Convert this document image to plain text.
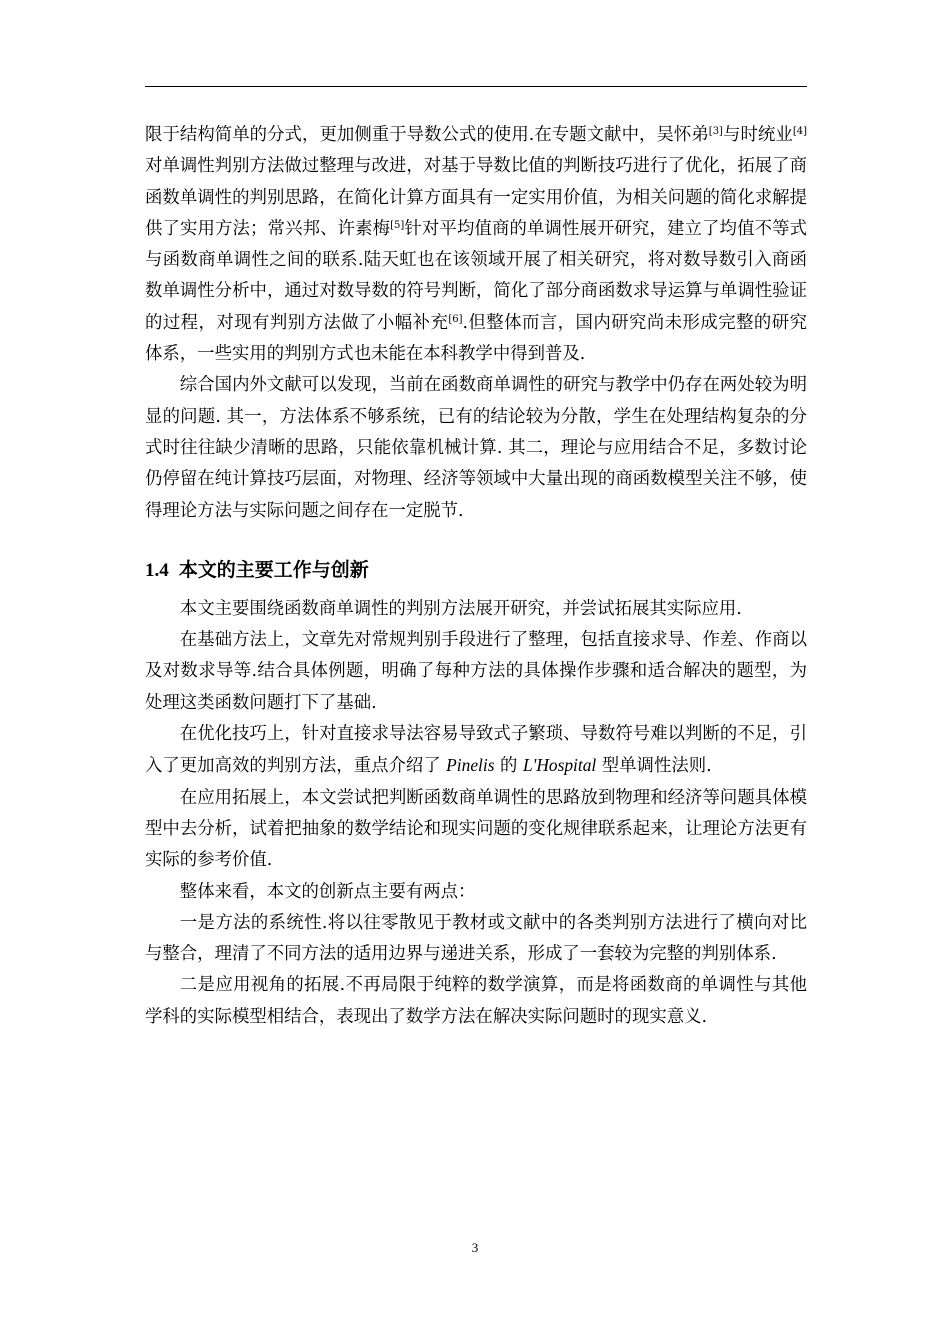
限于结构简单的分式，更加侧重于导数公式的使用.在专题文献中，吴怀弟[3]与时统业[4]对单调性判别方法做过整理与改进，对基于导数比值的判断技巧进行了优化，拓展了商函数单调性的判别思路，在简化计算方面具有一定实用价值，为相关问题的简化求解提供了实用方法；常兴邦、许素梅[5]针对平均值商的单调性展开研究，建立了均值不等式与函数商单调性之间的联系.陆天虹也在该领域开展了相关研究，将对数导数引入商函数单调性分析中，通过对数导数的符号判断，简化了部分商函数求导运算与单调性验证的过程，对现有判别方法做了小幅补充[6].但整体而言，国内研究尚未形成完整的研究体系，一些实用的判别方式也未能在本科教学中得到普及.

综合国内外文献可以发现，当前在函数商单调性的研究与教学中仍存在两处较为明显的问题. 其一，方法体系不够系统，已有的结论较为分散，学生在处理结构复杂的分式时往往缺少清晰的思路，只能依靠机械计算. 其二，理论与应用结合不足，多数讨论仍停留在纯计算技巧层面，对物理、经济等领域中大量出现的商函数模型关注不够，使得理论方法与实际问题之间存在一定脱节.

1.4 本文的主要工作与创新

本文主要围绕函数商单调性的判别方法展开研究，并尝试拓展其实际应用.

在基础方法上，文章先对常规判别手段进行了整理，包括直接求导、作差、作商以及对数求导等.结合具体例题，明确了每种方法的具体操作步骤和适合解决的题型，为处理这类函数问题打下了基础.

在优化技巧上，针对直接求导法容易导致式子繁琐、导数符号难以判断的不足，引入了更加高效的判别方法，重点介绍了 Pinelis 的 L'Hospital 型单调性法则.

在应用拓展上，本文尝试把判断函数商单调性的思路放到物理和经济等问题具体模型中去分析，试着把抽象的数学结论和现实问题的变化规律联系起来，让理论方法更有实际的参考价值.

整体来看，本文的创新点主要有两点：

一是方法的系统性.将以往零散见于教材或文献中的各类判别方法进行了横向对比与整合，理清了不同方法的适用边界与递进关系，形成了一套较为完整的判别体系.

二是应用视角的拓展.不再局限于纯粹的数学演算，而是将函数商的单调性与其他学科的实际模型相结合，表现出了数学方法在解决实际问题时的现实意义.

3
